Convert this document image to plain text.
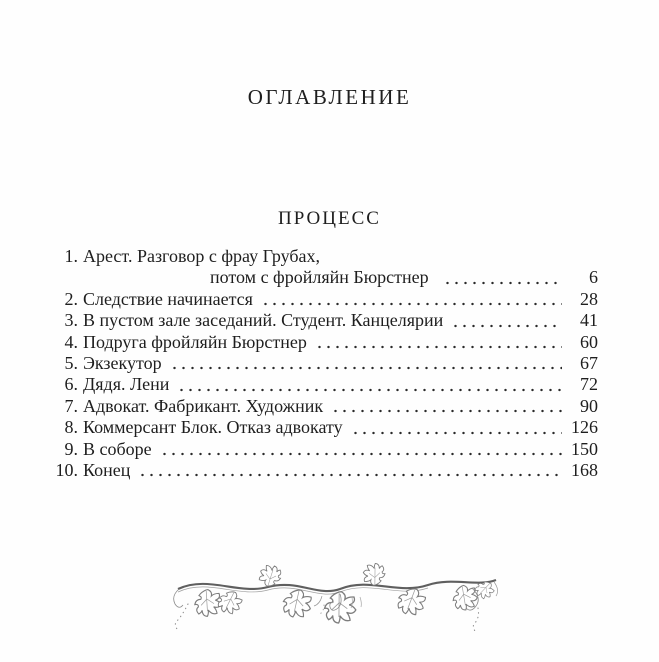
ОГЛАВЛЕНИЕ
ПРОЦЕСС
1. Арест. Разговор с фрау Грубах,
потом с фройляйн Бюрстнер	6
2. Следствие начинается	28
3. В пустом зале заседаний. Студент. Канцелярии	41
4. Подруга фройляйн Бюрстнер	60
5. Экзекутор	67
6. Дядя. Лени	72
7. Адвокат. Фабрикант. Художник	90
8. Коммерсант Блок. Отказ адвокату	126
9. В соборе	150
10. Конец	168
